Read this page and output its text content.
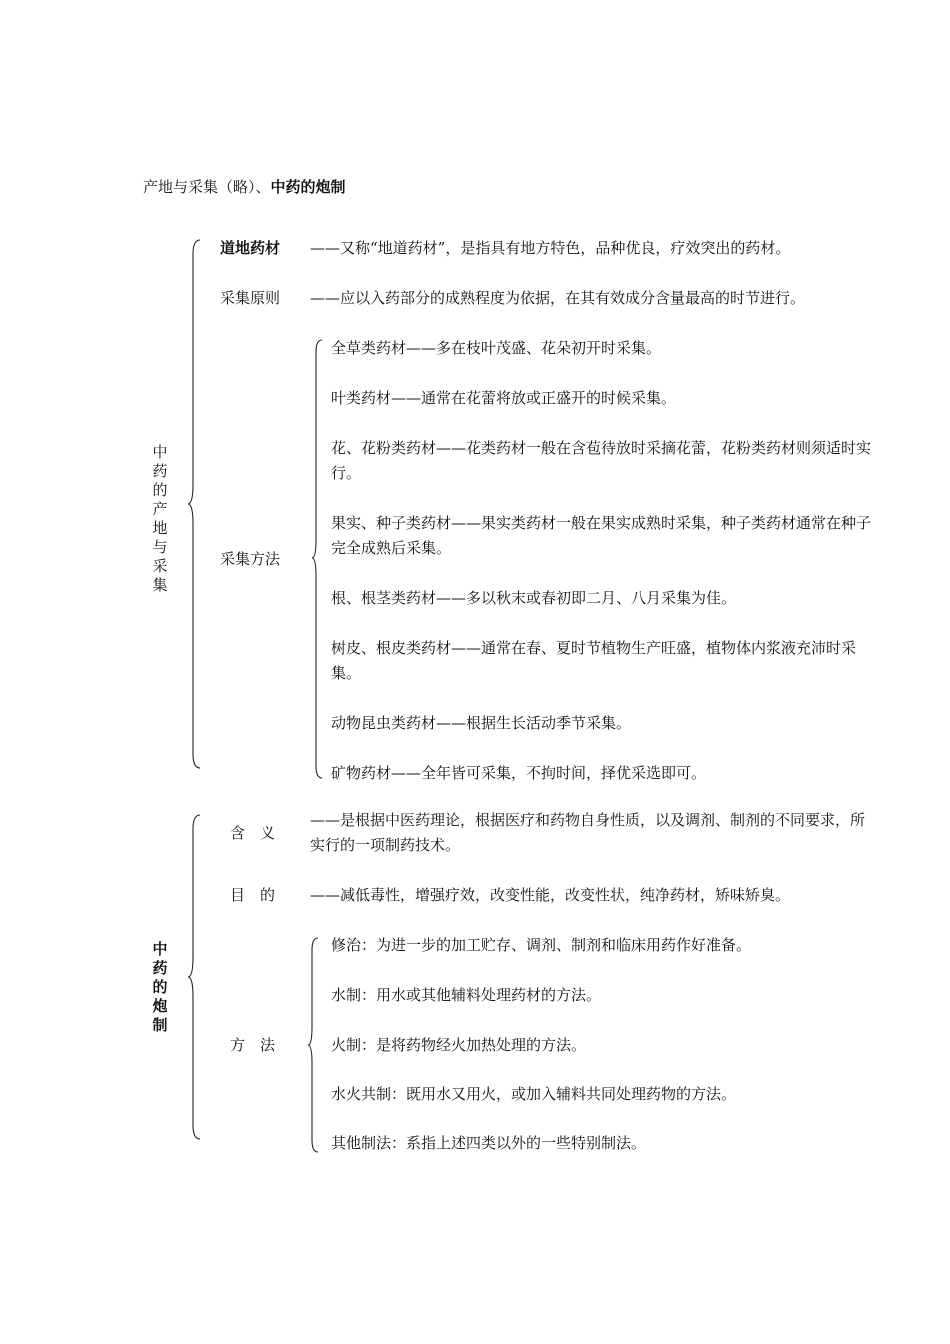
产地与采集（略）、中药的炮制
中药的产地与采集
道地药材 ——又称“地道药材”，是指具有地方特色，品种优良，疗效突出的药材。
采集原则 ——应以入药部分的成熟程度为依据，在其有效成分含量最高的时节进行。
采集方法
全草类药材——多在枝叶茂盛、花朵初开时采集。
叶类药材——通常在花蕾将放或正盛开的时候采集。
花、花粉类药材——花类药材一般在含苞待放时采摘花蕾，花粉类药材则须适时实行。
果实、种子类药材——果实类药材一般在果实成熟时采集，种子类药材通常在种子完全成熟后采集。
根、根茎类药材——多以秋末或春初即二月、八月采集为佳。
树皮、根皮类药材——通常在春、夏时节植物生产旺盛，植物体内浆液充沛时采集。
动物昆虫类药材——根据生长活动季节采集。
矿物药材——全年皆可采集，不拘时间，择优采选即可。
中药的炮制
含　义
——是根据中医药理论，根据医疗和药物自身性质，以及调剂、制剂的不同要求，所实行的一项制药技术。
目　的 ——减低毒性，增强疗效，改变性能，改变性状，纯净药材，矫味矫臭。
方　法
修治：为进一步的加工贮存、调剂、制剂和临床用药作好准备。
水制：用水或其他辅料处理药材的方法。
火制：是将药物经火加热处理的方法。
水火共制：既用水又用火，或加入辅料共同处理药物的方法。
其他制法：系指上述四类以外的一些特别制法。
